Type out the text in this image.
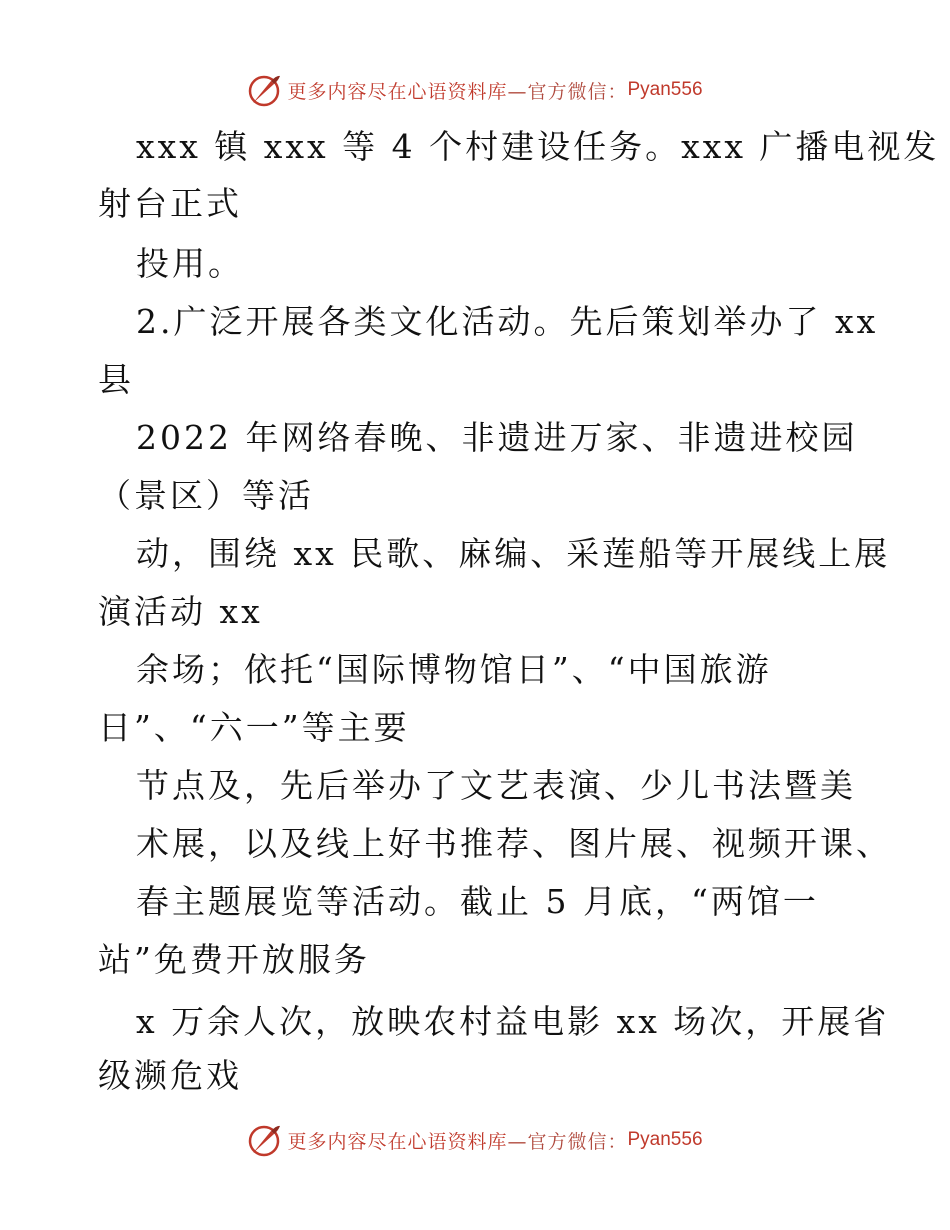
更多内容尽在心语资料库 —官方微信： Pyan556
xxx 镇 xxx 等 4 个村建设任务。xxx 广播电视发
射台正式
投用。
2.广泛开展各类文化活动。先后策划举办了 xx
县
2022 年网络春晚、非遗进万家、非遗进校园
（景区）等活
动，围绕 xx 民歌、麻编、采莲船等开展线上展
演活动 xx
余场；依托“国际博物馆日”、“中国旅游
日”、“六一”等主要
节点及，先后举办了文艺表演、少儿书法暨美
术展，以及线上好书推荐、图片展、视频开课、
春主题展览等活动。截止 5 月底，“两馆一
站”免费开放服务
x 万余人次，放映农村益电影 xx 场次，开展省
级濒危戏
更多内容尽在心语资料库 —官方微信： Pyan556
